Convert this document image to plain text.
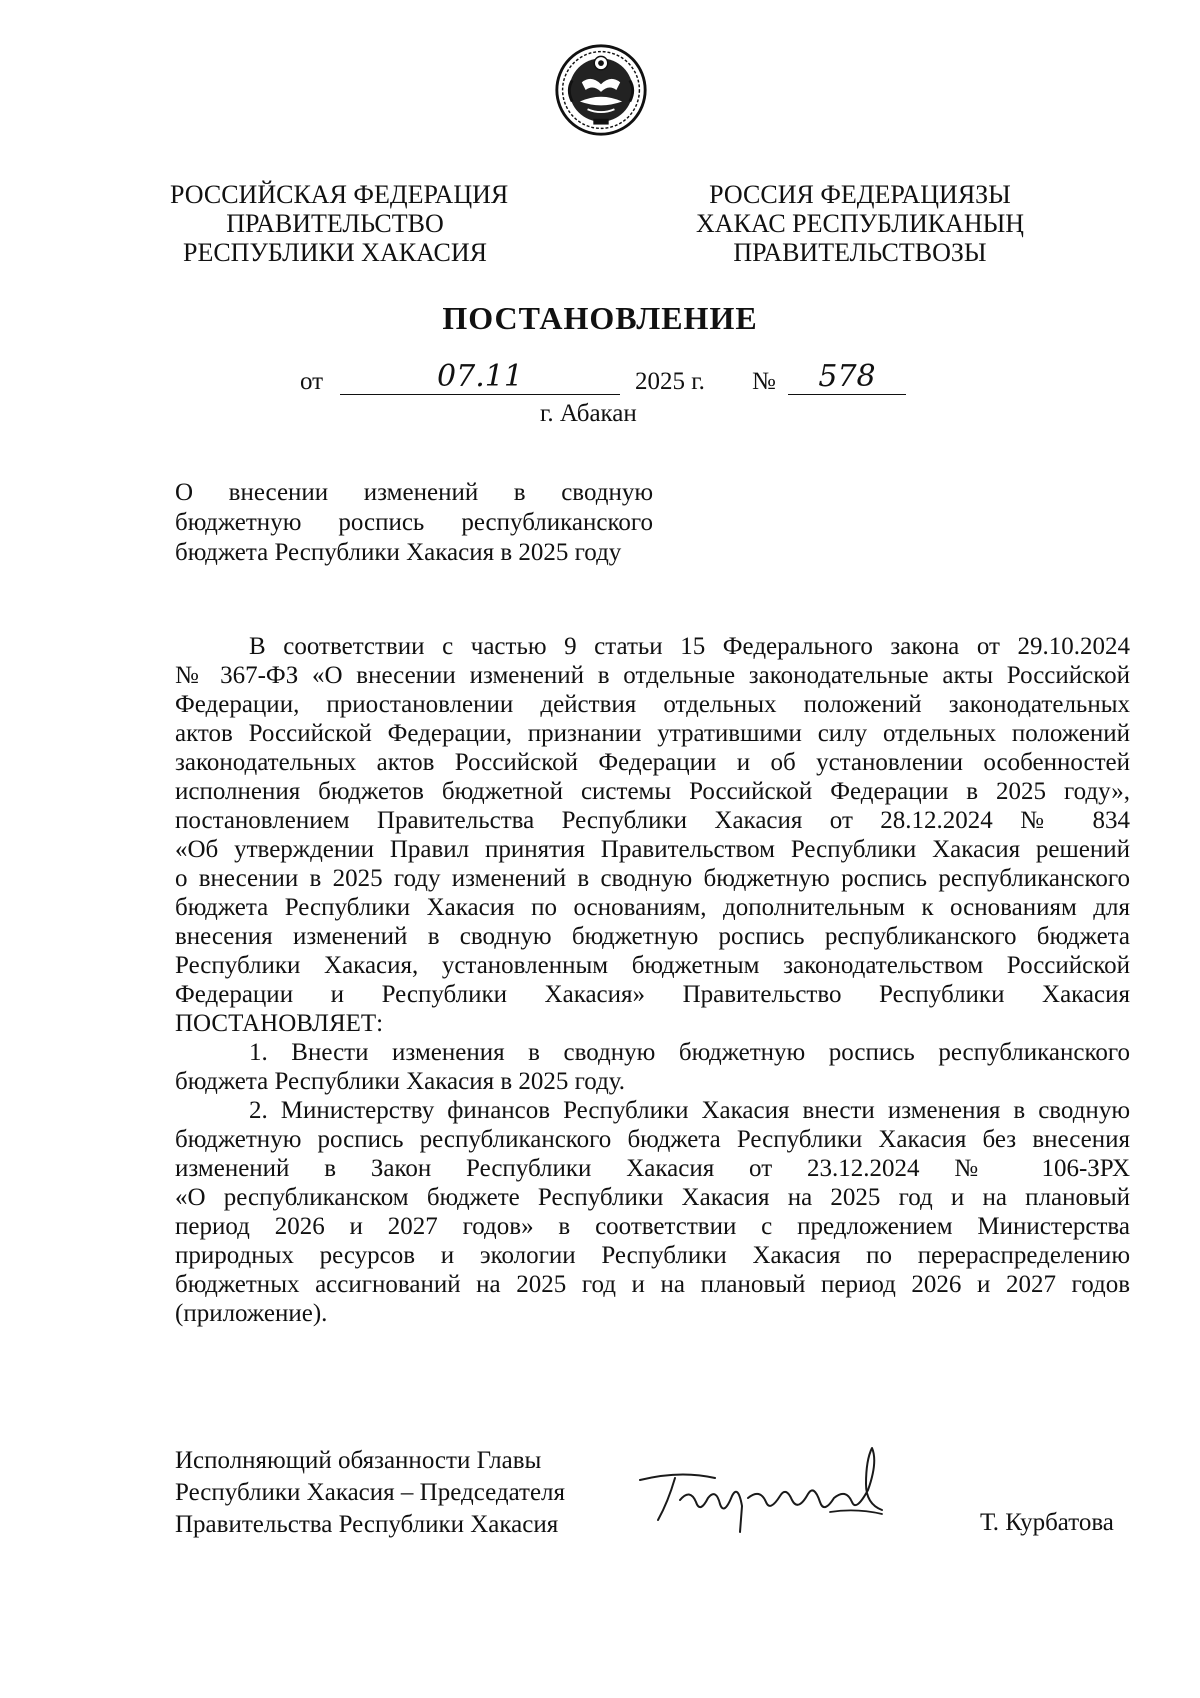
РОССИЙСКАЯ ФЕДЕРАЦИЯ
ПРАВИТЕЛЬСТВО
РЕСПУБЛИКИ ХАКАСИЯ
РОССИЯ ФЕДЕРАЦИЯЗЫ
ХАКАС РЕСПУБЛИКАНЫҢ
ПРАВИТЕЛЬСТВОЗЫ
ПОСТАНОВЛЕНИЕ
от	07.11	2025 г. №	578
г. Абакан
О внесении изменений в сводную
бюджетную роспись республиканского
бюджета Республики Хакасия в 2025 году
В соответствии с частью 9 статьи 15 Федерального закона от 29.10.2024
№ 367-ФЗ «О внесении изменений в отдельные законодательные акты Российской
Федерации, приостановлении действия отдельных положений законодательных
актов Российской Федерации, признании утратившими силу отдельных положений
законодательных актов Российской Федерации и об установлении особенностей
исполнения бюджетов бюджетной системы Российской Федерации в 2025 году»,
постановлением Правительства Республики Хакасия от 28.12.2024 № 834
«Об утверждении Правил принятия Правительством Республики Хакасия решений
о внесении в 2025 году изменений в сводную бюджетную роспись республиканского
бюджета Республики Хакасия по основаниям, дополнительным к основаниям для
внесения изменений в сводную бюджетную роспись республиканского бюджета
Республики Хакасия, установленным бюджетным законодательством Российской
Федерации и Республики Хакасия» Правительство Республики Хакасия
ПОСТАНОВЛЯЕТ:
1. Внести изменения в сводную бюджетную роспись республиканского
бюджета Республики Хакасия в 2025 году.
2. Министерству финансов Республики Хакасия внести изменения в сводную
бюджетную роспись республиканского бюджета Республики Хакасия без внесения
изменений в Закон Республики Хакасия от 23.12.2024 № 106-ЗРХ
«О республиканском бюджете Республики Хакасия на 2025 год и на плановый
период 2026 и 2027 годов» в соответствии с предложением Министерства
природных ресурсов и экологии Республики Хакасия по перераспределению
бюджетных ассигнований на 2025 год и на плановый период 2026 и 2027 годов
(приложение).
Исполняющий обязанности Главы
Республики Хакасия – Председателя
Правительства Республики Хакасия	Т. Курбатова
